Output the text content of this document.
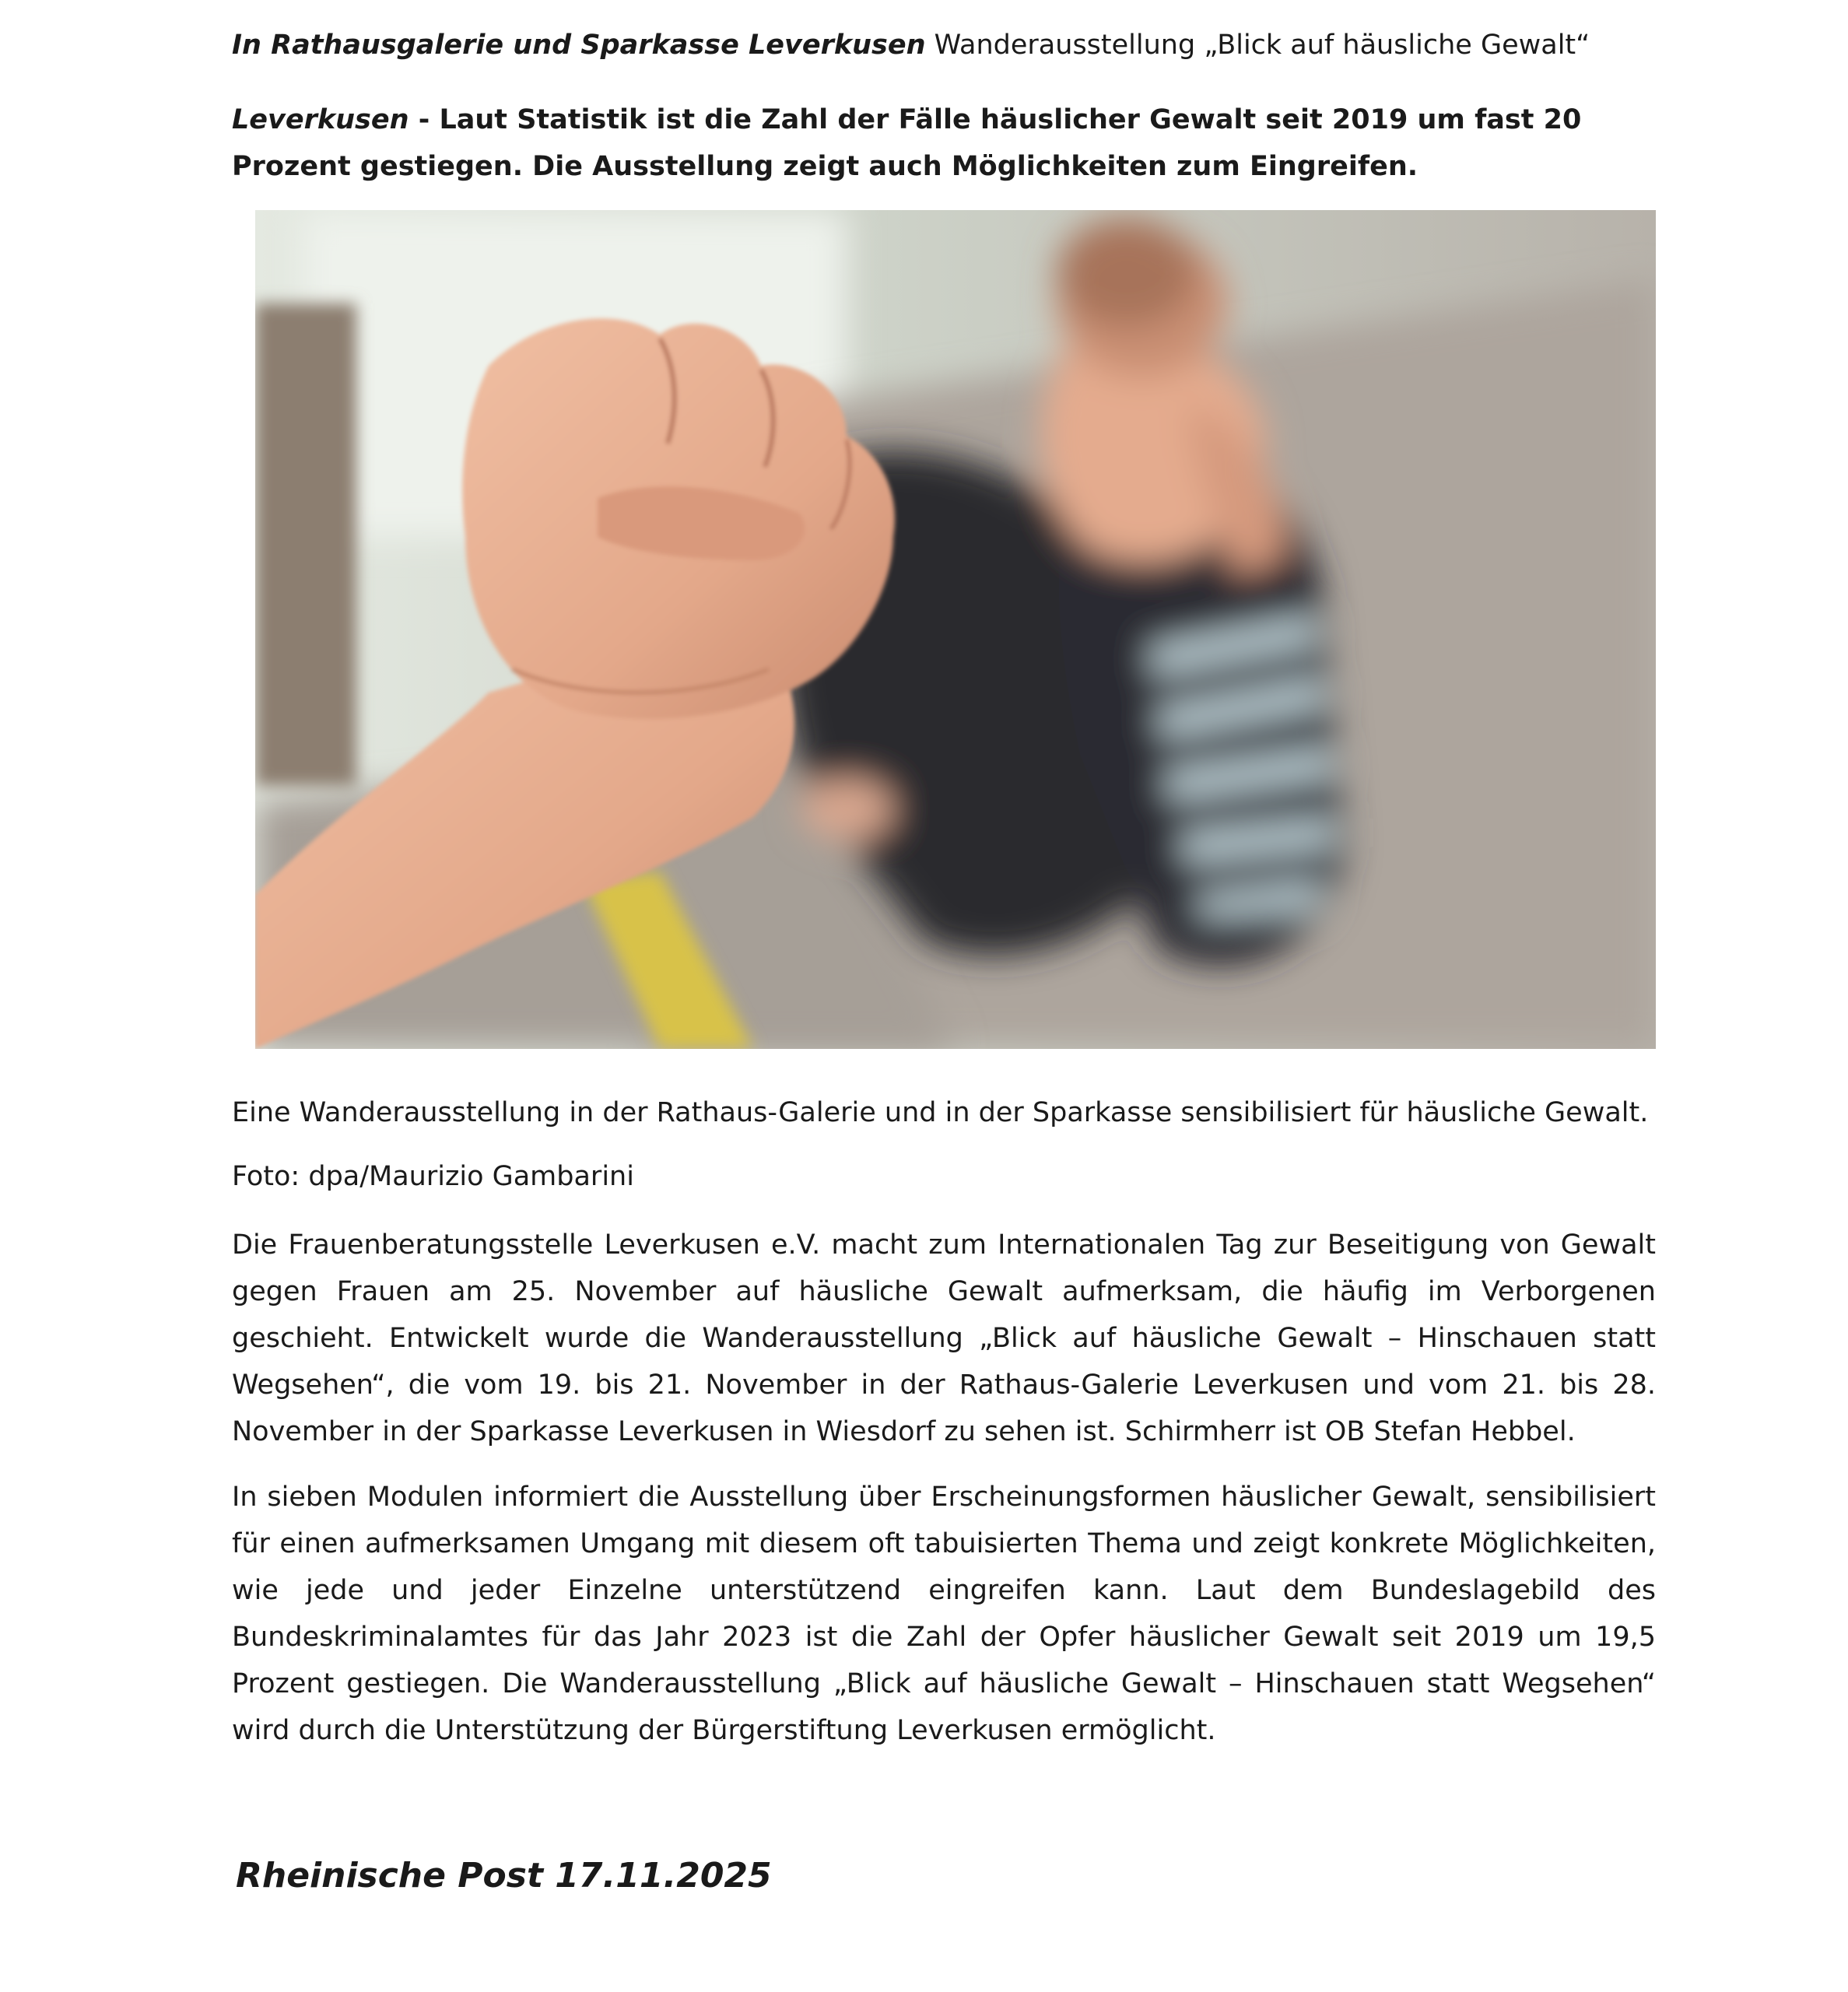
In Rathausgalerie und Sparkasse Leverkusen Wanderausstellung „Blick auf häusliche Gewalt“

Leverkusen - Laut Statistik ist die Zahl der Fälle häuslicher Gewalt seit 2019 um fast 20 Prozent gestiegen. Die Ausstellung zeigt auch Möglichkeiten zum Eingreifen.

Eine Wanderausstellung in der Rathaus-Galerie und in der Sparkasse sensibilisiert für häusliche Gewalt.

Foto: dpa/Maurizio Gambarini

Die Frauenberatungsstelle Leverkusen e.V. macht zum Internationalen Tag zur Beseitigung von Gewalt gegen Frauen am 25. November auf häusliche Gewalt aufmerksam, die häufig im Verborgenen geschieht. Entwickelt wurde die Wanderausstellung „Blick auf häusliche Gewalt – Hinschauen statt Wegsehen“, die vom 19. bis 21. November in der Rathaus-Galerie Leverkusen und vom 21. bis 28. November in der Sparkasse Leverkusen in Wiesdorf zu sehen ist. Schirmherr ist OB Stefan Hebbel.

In sieben Modulen informiert die Ausstellung über Erscheinungsformen häuslicher Gewalt, sensibilisiert für einen aufmerksamen Umgang mit diesem oft tabuisierten Thema und zeigt konkrete Möglichkeiten, wie jede und jeder Einzelne unterstützend eingreifen kann. Laut dem Bundeslagebild des Bundeskriminalamtes für das Jahr 2023 ist die Zahl der Opfer häuslicher Gewalt seit 2019 um 19,5 Prozent gestiegen. Die Wanderausstellung „Blick auf häusliche Gewalt – Hinschauen statt Wegsehen“ wird durch die Unterstützung der Bürgerstiftung Leverkusen ermöglicht.

Rheinische Post 17.11.2025
